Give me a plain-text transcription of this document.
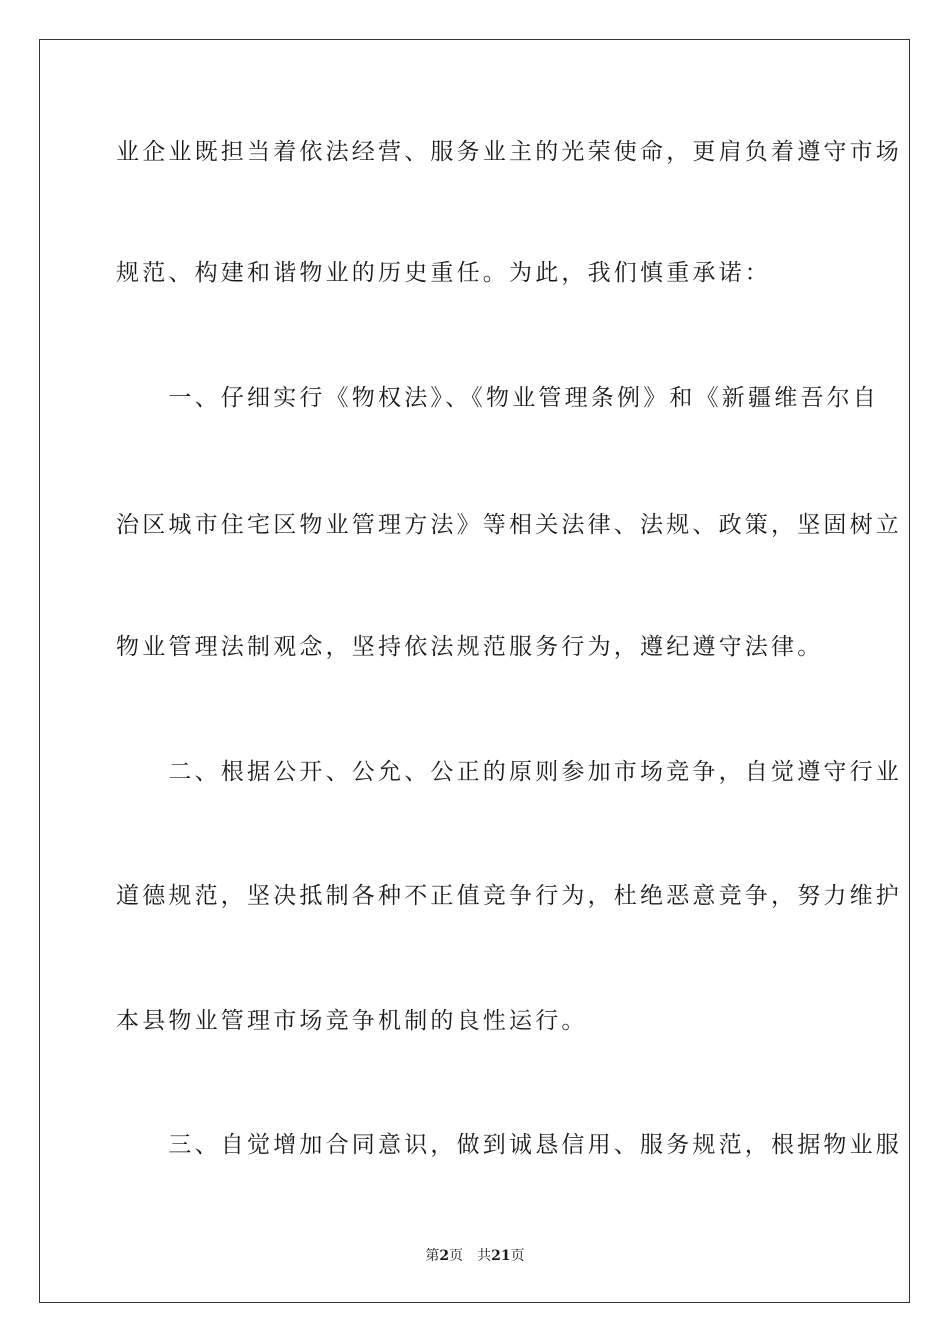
业企业既担当着依法经营、服务业主的光荣使命，更肩负着遵守市场
规范、构建和谐物业的历史重任。为此，我们慎重承诺：
　　一、仔细实行《物权法》、《物业管理条例》和《新疆维吾尔自
治区城市住宅区物业管理方法》等相关法律、法规、政策，坚固树立
物业管理法制观念，坚持依法规范服务行为，遵纪遵守法律。
　　二、根据公开、公允、公正的原则参加市场竞争，自觉遵守行业
道德规范，坚决抵制各种不正值竞争行为，杜绝恶意竞争，努力维护
本县物业管理市场竞争机制的良性运行。
　　三、自觉增加合同意识，做到诚恳信用、服务规范，根据物业服
第2页 共21页
